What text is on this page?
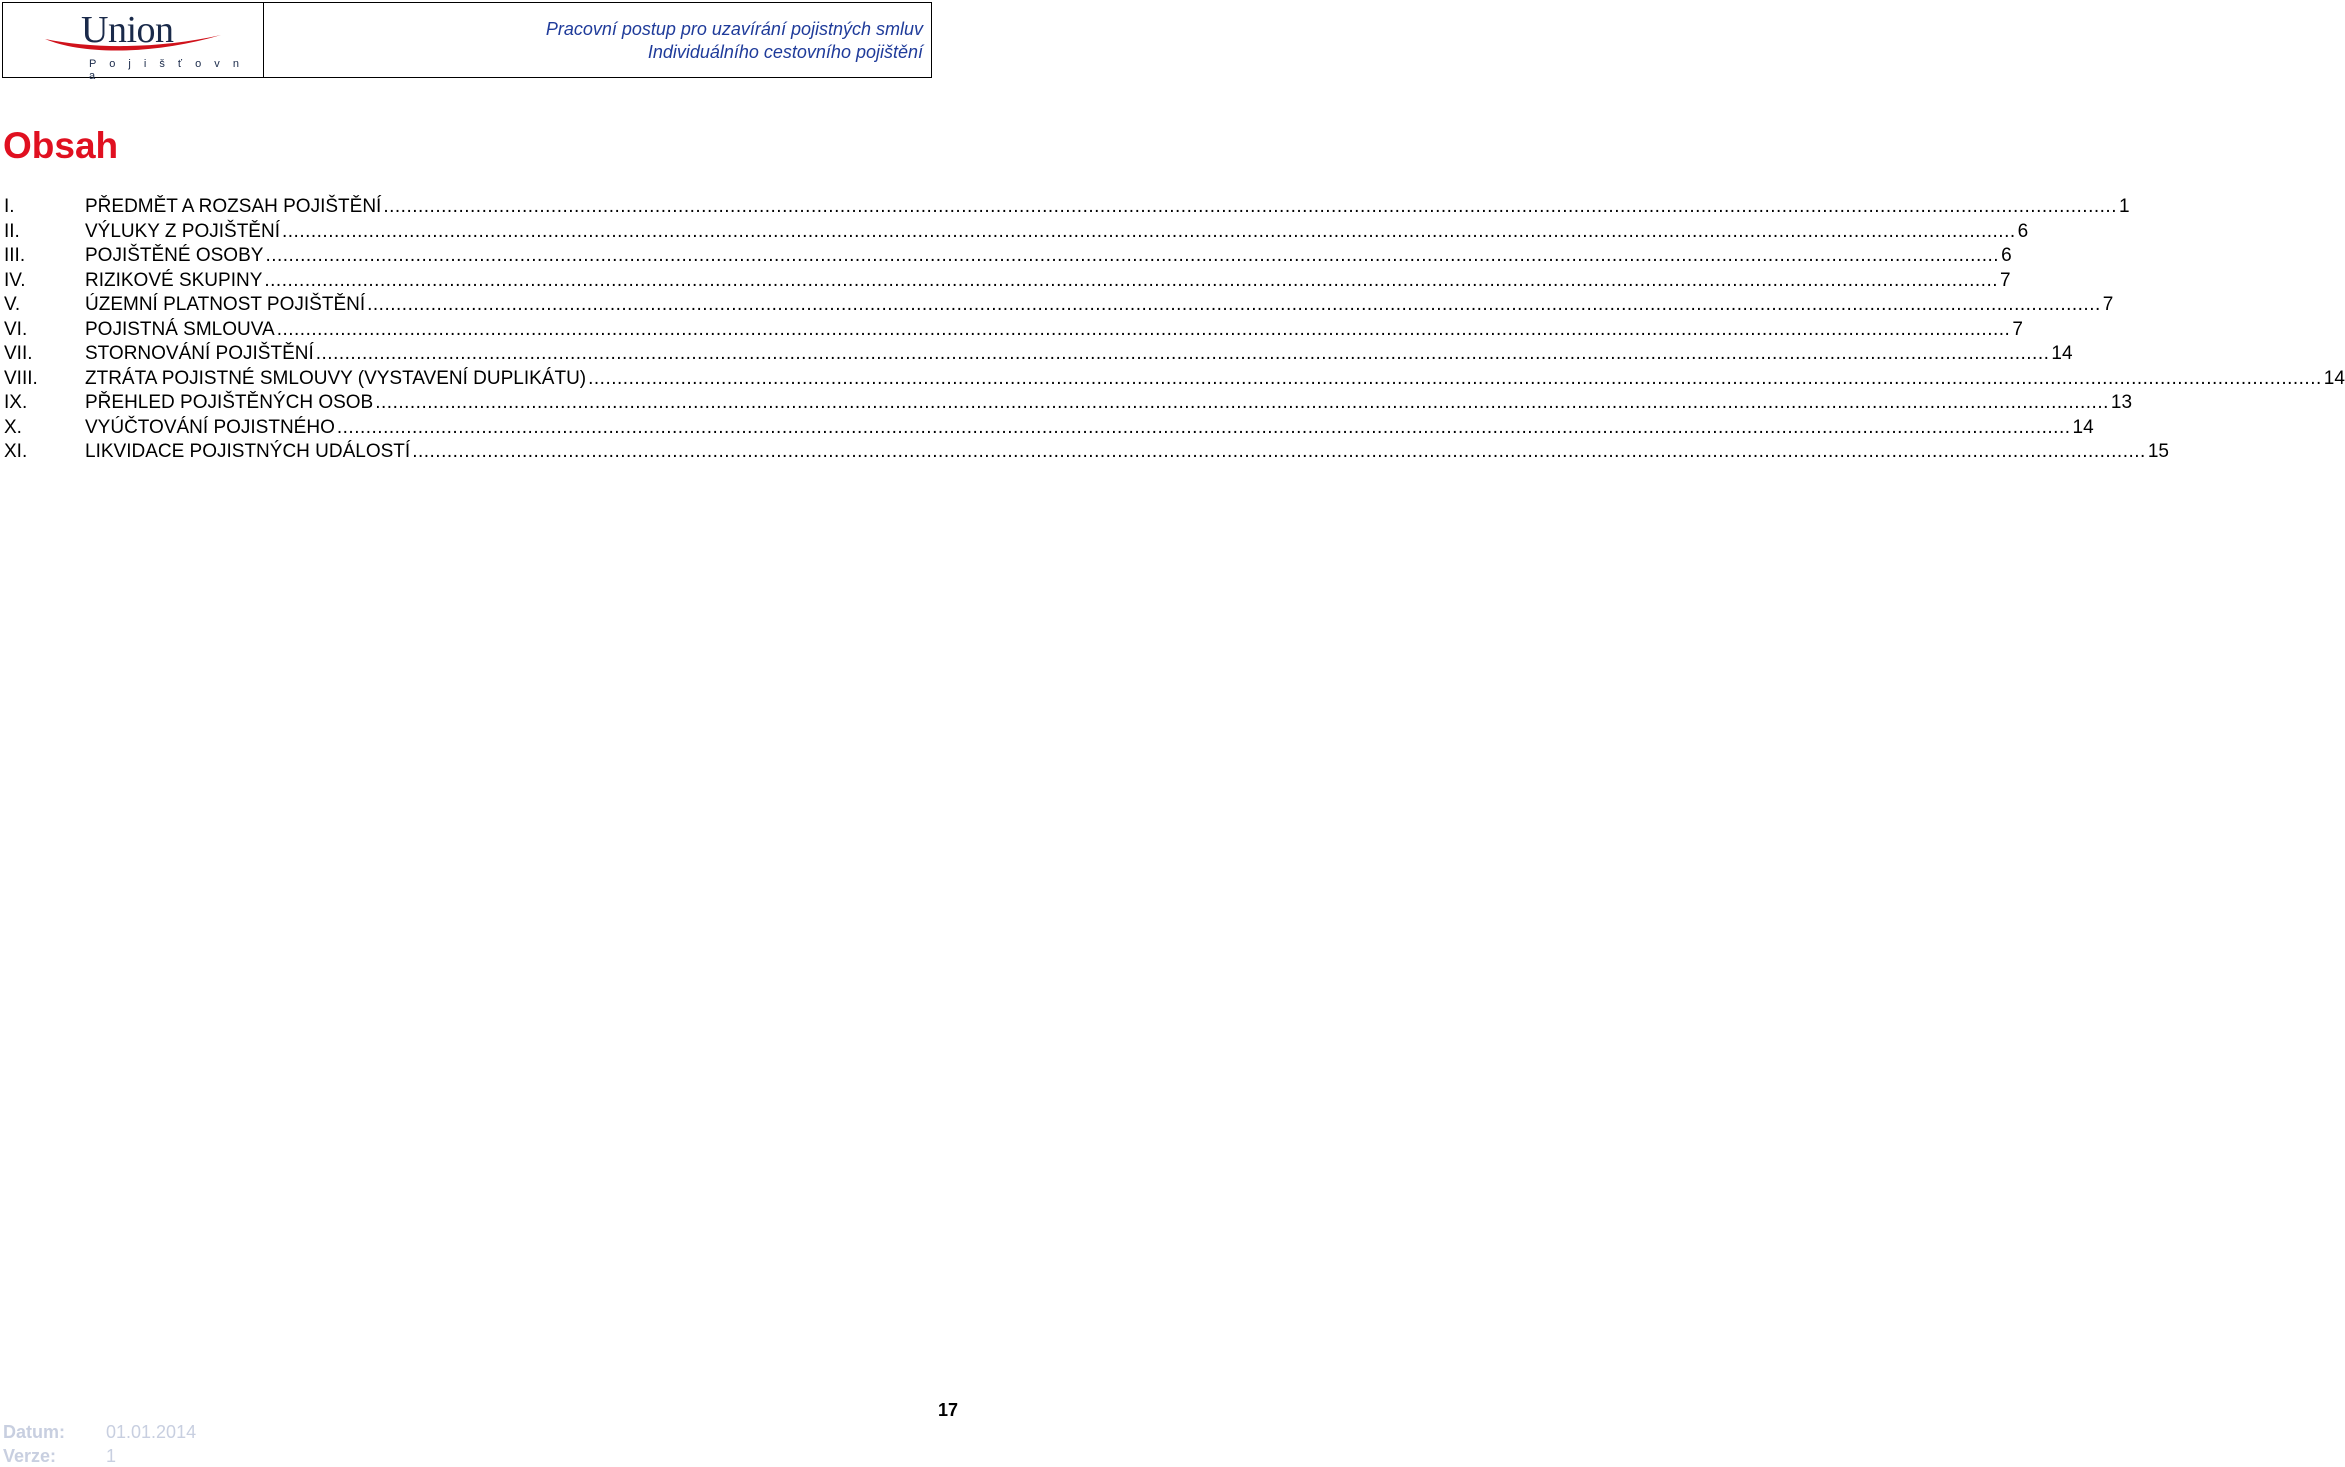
Union
P o j i š ť o v n a
Pracovní postup pro uzavírání pojistných smluv
Individuálního cestovního pojištění
Obsah
I.	PŘEDMĚT A ROZSAH POJIŠTĚNÍ ............................................................................................................................................................................................................................................................................................................ 1
II.	VÝLUKY Z POJIŠTĚNÍ ............................................................................................................................................................................................................................................................................................................ 6
III.	POJIŠTĚNÉ OSOBY ............................................................................................................................................................................................................................................................................................................ 6
IV.	RIZIKOVÉ SKUPINY ............................................................................................................................................................................................................................................................................................................ 7
V.	ÚZEMNÍ PLATNOST POJIŠTĚNÍ ............................................................................................................................................................................................................................................................................................................ 7
VI.	POJISTNÁ SMLOUVA ............................................................................................................................................................................................................................................................................................................ 7
VII.	STORNOVÁNÍ POJIŠTĚNÍ ............................................................................................................................................................................................................................................................................................................ 14
VIII.	ZTRÁTA POJISTNÉ SMLOUVY (VYSTAVENÍ DUPLIKÁTU) ............................................................................................................................................................................................................................................................................................................ 14
IX.	PŘEHLED POJIŠTĚNÝCH OSOB ............................................................................................................................................................................................................................................................................................................ 13
X.	VYÚČTOVÁNÍ POJISTNÉHO ............................................................................................................................................................................................................................................................................................................ 14
XI.	LIKVIDACE POJISTNÝCH UDÁLOSTÍ ............................................................................................................................................................................................................................................................................................................ 15
Datum: 01.01.2014
Verze:	1
17
